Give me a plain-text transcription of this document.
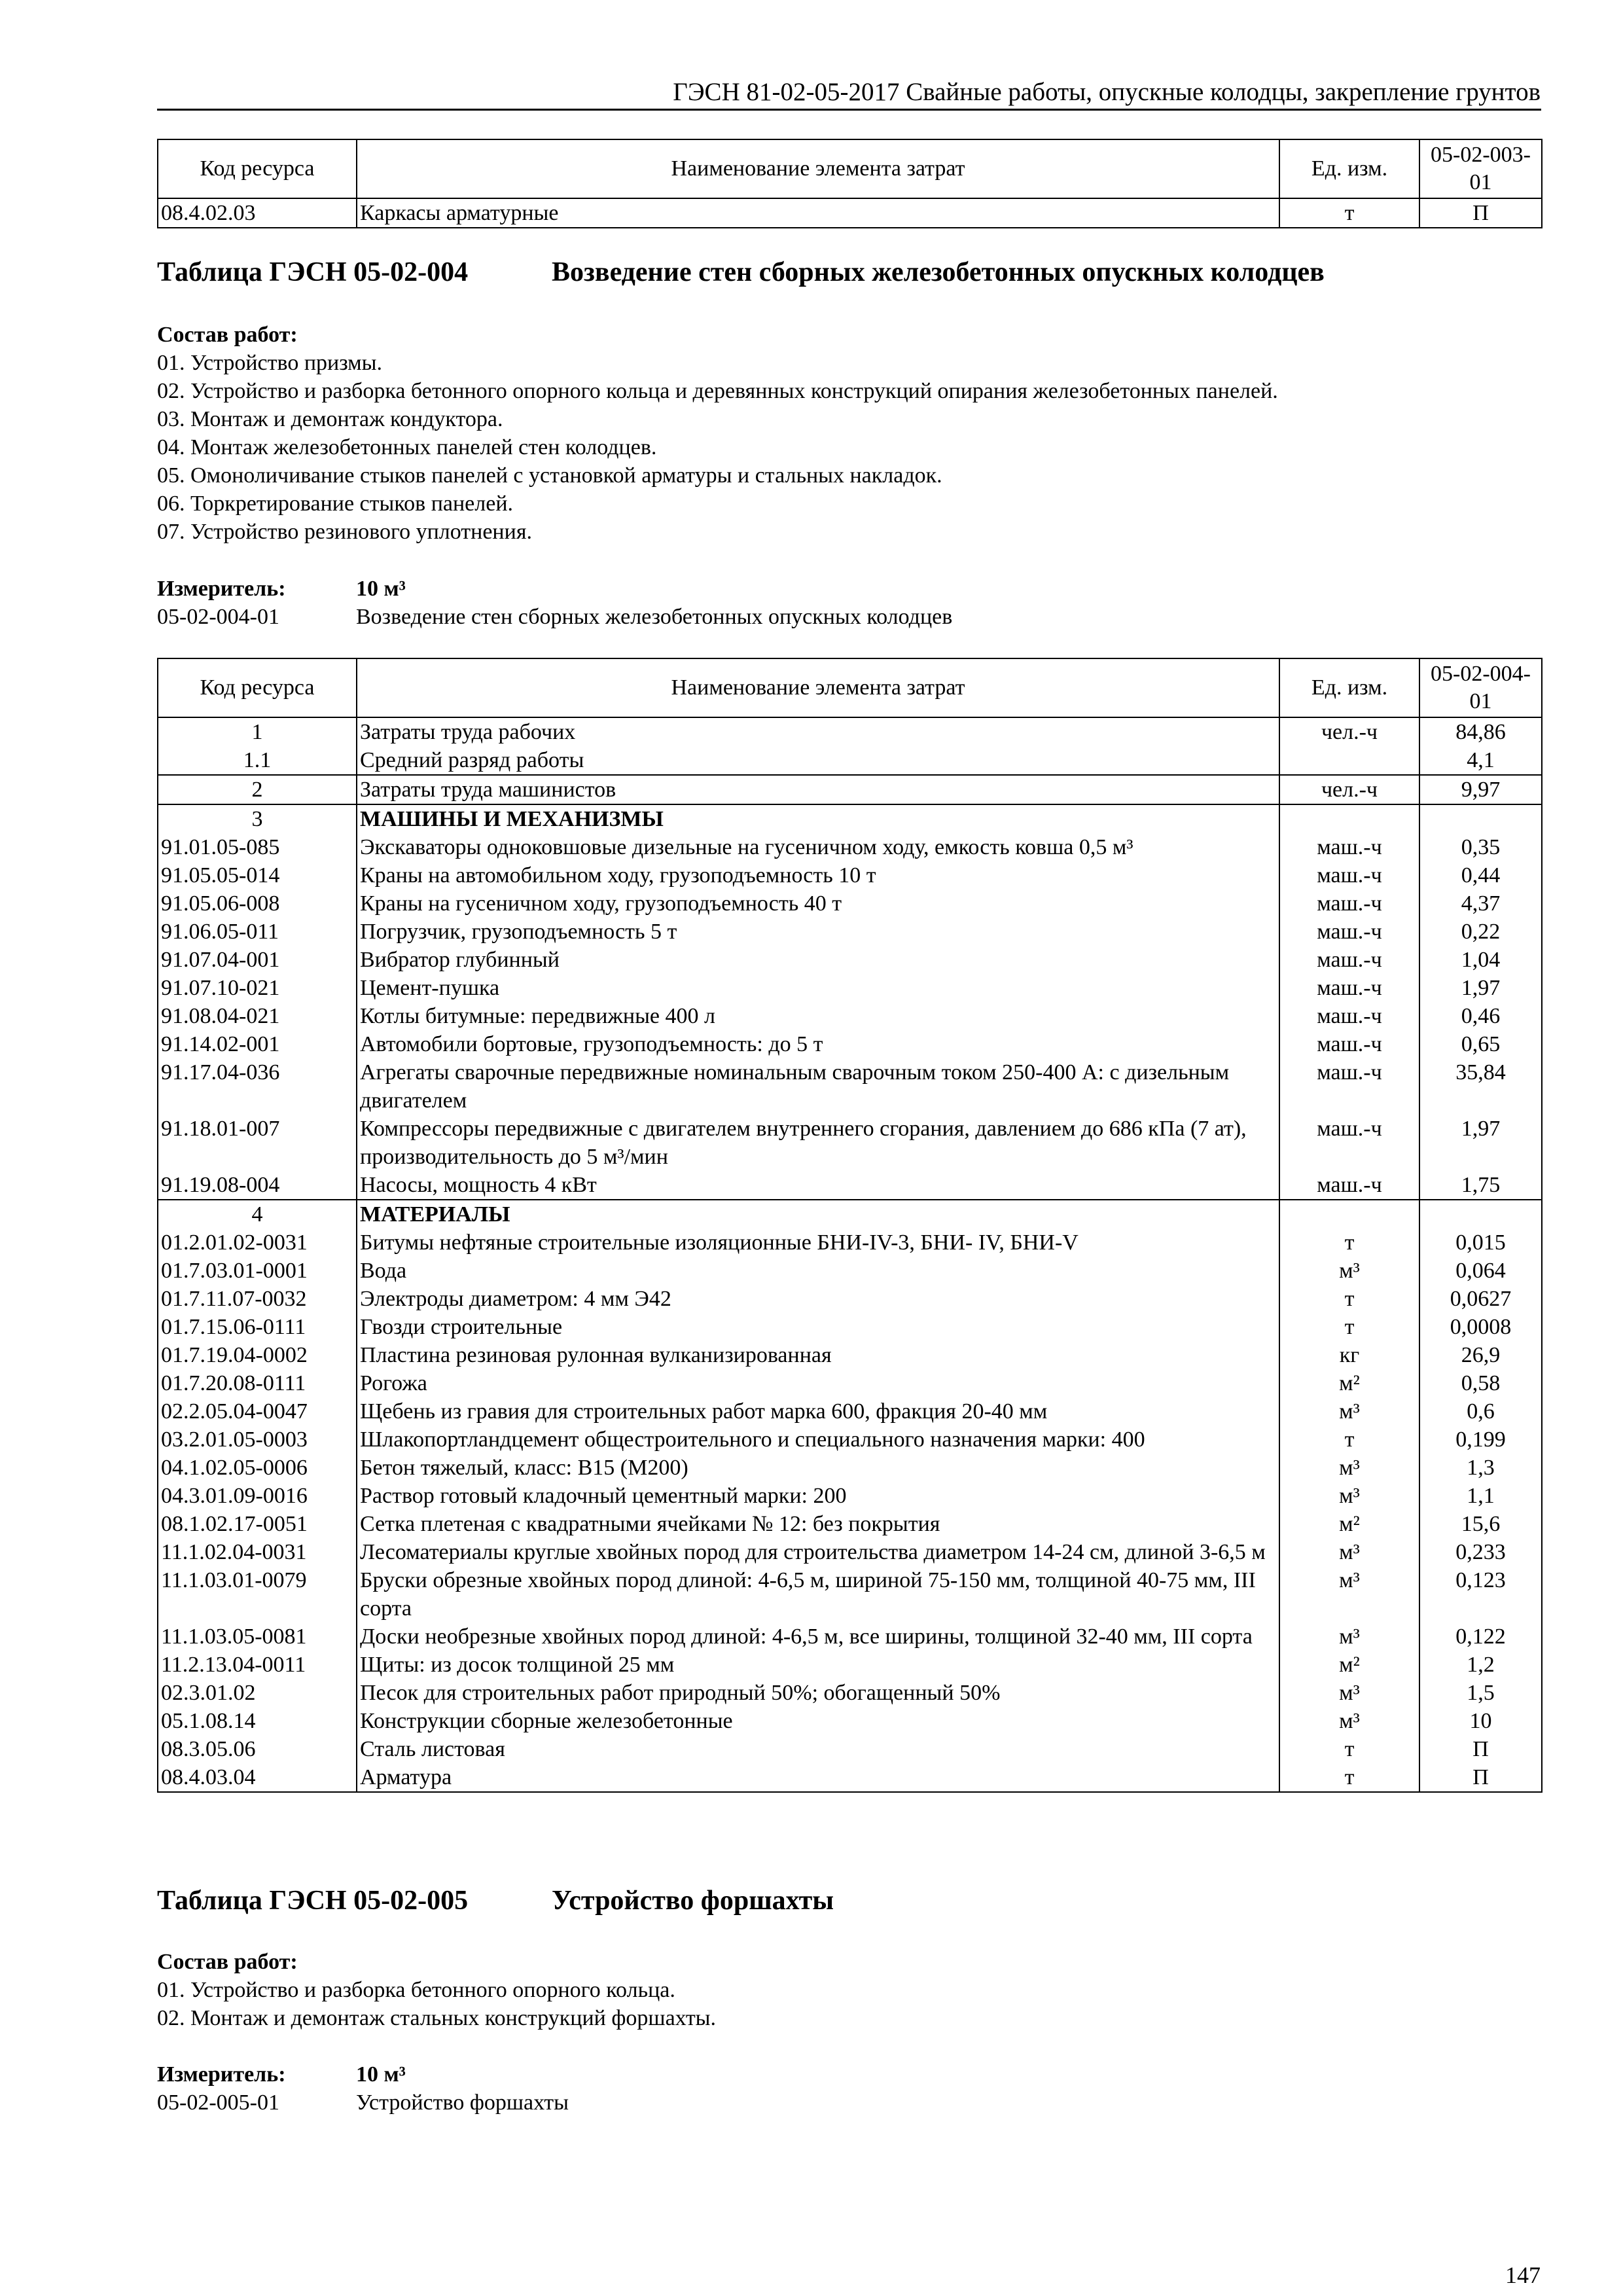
ГЭСН 81-02-05-2017 Свайные работы, опускные колодцы, закрепление грунтов
Код ресурса	Наименование элемента затрат	Ед. изм.	05-02-003-01
08.4.02.03	Каркасы арматурные	т	П
Таблица ГЭСН 05-02-004	Возведение стен сборных железобетонных опускных колодцев
Состав работ:
01. Устройство призмы.
02. Устройство и разборка бетонного опорного кольца и деревянных конструкций опирания железобетонных панелей.
03. Монтаж и демонтаж кондуктора.
04. Монтаж железобетонных панелей стен колодцев.
05. Омоноличивание стыков панелей с установкой арматуры и стальных накладок.
06. Торкретирование стыков панелей.
07. Устройство резинового уплотнения.
Измеритель:	10 м³
05-02-004-01	Возведение стен сборных железобетонных опускных колодцев
Код ресурса	Наименование элемента затрат	Ед. изм.	05-02-004-01
1	Затраты труда рабочих	чел.-ч	84,86
1.1	Средний разряд работы		4,1
2	Затраты труда машинистов	чел.-ч	9,97
3	МАШИНЫ И МЕХАНИЗМЫ		
91.01.05-085	Экскаваторы одноковшовые дизельные на гусеничном ходу, емкость ковша 0,5 м³	маш.-ч	0,35
91.05.05-014	Краны на автомобильном ходу, грузоподъемность 10 т	маш.-ч	0,44
91.05.06-008	Краны на гусеничном ходу, грузоподъемность 40 т	маш.-ч	4,37
91.06.05-011	Погрузчик, грузоподъемность 5 т	маш.-ч	0,22
91.07.04-001	Вибратор глубинный	маш.-ч	1,04
91.07.10-021	Цемент-пушка	маш.-ч	1,97
91.08.04-021	Котлы битумные: передвижные 400 л	маш.-ч	0,46
91.14.02-001	Автомобили бортовые, грузоподъемность: до 5 т	маш.-ч	0,65
91.17.04-036	Агрегаты сварочные передвижные номинальным сварочным током 250-400 А: с дизельным двигателем	маш.-ч	35,84
91.18.01-007	Компрессоры передвижные с двигателем внутреннего сгорания, давлением до 686 кПа (7 ат), производительность до 5 м³/мин	маш.-ч	1,97
91.19.08-004	Насосы, мощность 4 кВт	маш.-ч	1,75
4	МАТЕРИАЛЫ		
01.2.01.02-0031	Битумы нефтяные строительные изоляционные БНИ-IV-3, БНИ- IV, БНИ-V	т	0,015
01.7.03.01-0001	Вода	м³	0,064
01.7.11.07-0032	Электроды диаметром: 4 мм Э42	т	0,0627
01.7.15.06-0111	Гвозди строительные	т	0,0008
01.7.19.04-0002	Пластина резиновая рулонная вулканизированная	кг	26,9
01.7.20.08-0111	Рогожа	м²	0,58
02.2.05.04-0047	Щебень из гравия для строительных работ марка 600, фракция 20-40 мм	м³	0,6
03.2.01.05-0003	Шлакопортландцемент общестроительного и специального назначения марки: 400	т	0,199
04.1.02.05-0006	Бетон тяжелый, класс: В15 (М200)	м³	1,3
04.3.01.09-0016	Раствор готовый кладочный цементный марки: 200	м³	1,1
08.1.02.17-0051	Сетка плетеная с квадратными ячейками № 12: без покрытия	м²	15,6
11.1.02.04-0031	Лесоматериалы круглые хвойных пород для строительства диаметром 14-24 см, длиной 3-6,5 м	м³	0,233
11.1.03.01-0079	Бруски обрезные хвойных пород длиной: 4-6,5 м, шириной 75-150 мм, толщиной 40-75 мм, III сорта	м³	0,123
11.1.03.05-0081	Доски необрезные хвойных пород длиной: 4-6,5 м, все ширины, толщиной 32-40 мм, III сорта	м³	0,122
11.2.13.04-0011	Щиты: из досок толщиной 25 мм	м²	1,2
02.3.01.02	Песок для строительных работ природный 50%; обогащенный 50%	м³	1,5
05.1.08.14	Конструкции сборные железобетонные	м³	10
08.3.05.06	Сталь листовая	т	П
08.4.03.04	Арматура	т	П
Таблица ГЭСН 05-02-005	Устройство форшахты
Состав работ:
01. Устройство и разборка бетонного опорного кольца.
02. Монтаж и демонтаж стальных конструкций форшахты.
Измеритель:	10 м³
05-02-005-01	Устройство форшахты
147
